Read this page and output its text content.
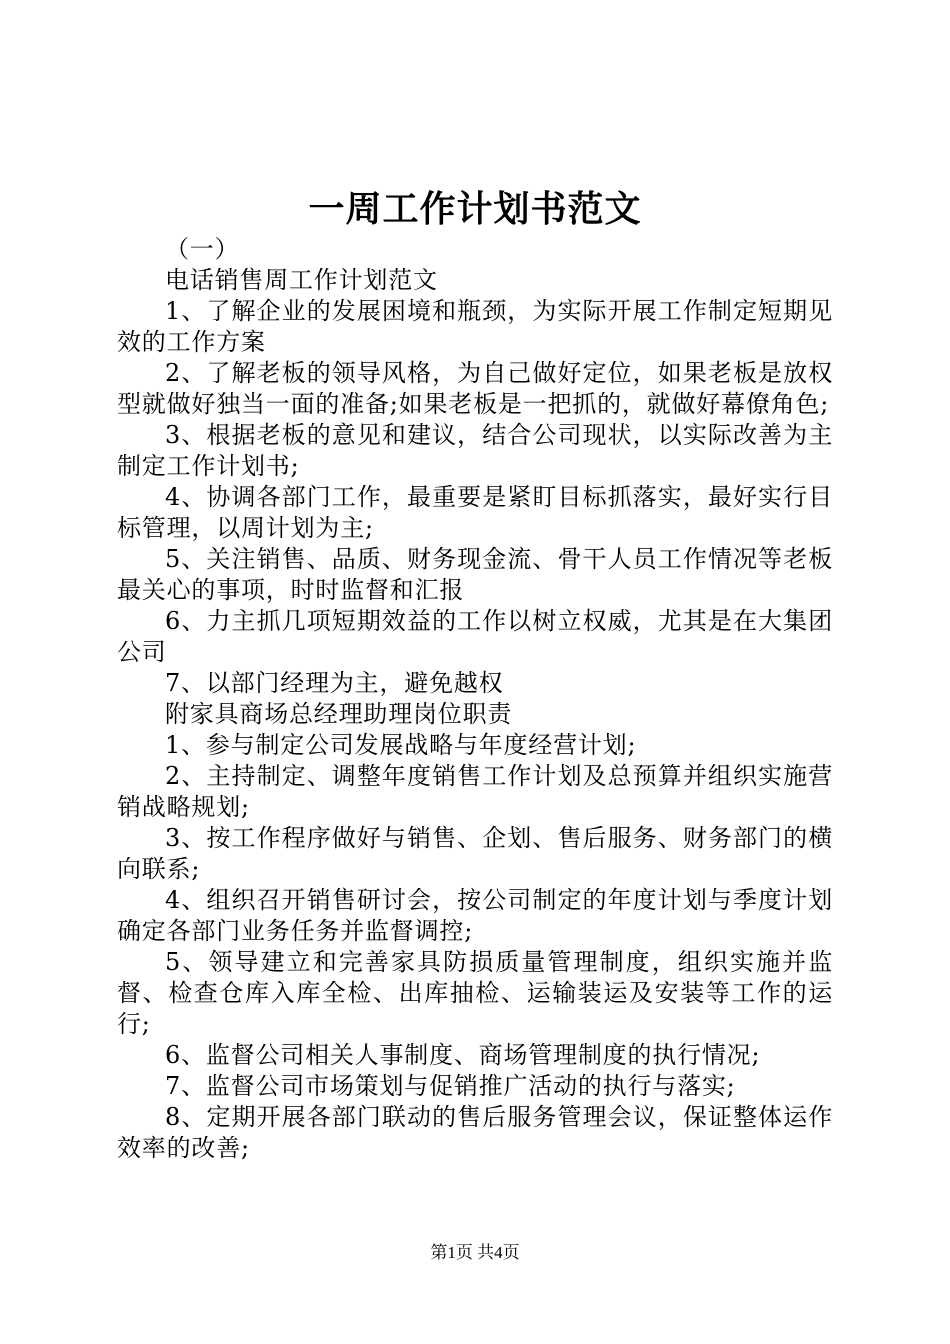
一周工作计划书范文

（一）

电话销售周工作计划范文

1、了解企业的发展困境和瓶颈，为实际开展工作制定短期见效的工作方案

2、了解老板的领导风格，为自己做好定位，如果老板是放权型就做好独当一面的准备;如果老板是一把抓的，就做好幕僚角色;

3、根据老板的意见和建议，结合公司现状，以实际改善为主制定工作计划书;

4、协调各部门工作，最重要是紧盯目标抓落实，最好实行目标管理，以周计划为主;

5、关注销售、品质、财务现金流、骨干人员工作情况等老板最关心的事项，时时监督和汇报

6、力主抓几项短期效益的工作以树立权威，尤其是在大集团公司

7、以部门经理为主，避免越权

附家具商场总经理助理岗位职责

1、参与制定公司发展战略与年度经营计划;

2、主持制定、调整年度销售工作计划及总预算并组织实施营销战略规划;

3、按工作程序做好与销售、企划、售后服务、财务部门的横向联系;

4、组织召开销售研讨会，按公司制定的年度计划与季度计划确定各部门业务任务并监督调控;

5、领导建立和完善家具防损质量管理制度，组织实施并监督、检查仓库入库全检、出库抽检、运输装运及安装等工作的运行;

6、监督公司相关人事制度、商场管理制度的执行情况;

7、监督公司市场策划与促销推广活动的执行与落实;

8、定期开展各部门联动的售后服务管理会议，保证整体运作效率的改善;

第1页 共4页
